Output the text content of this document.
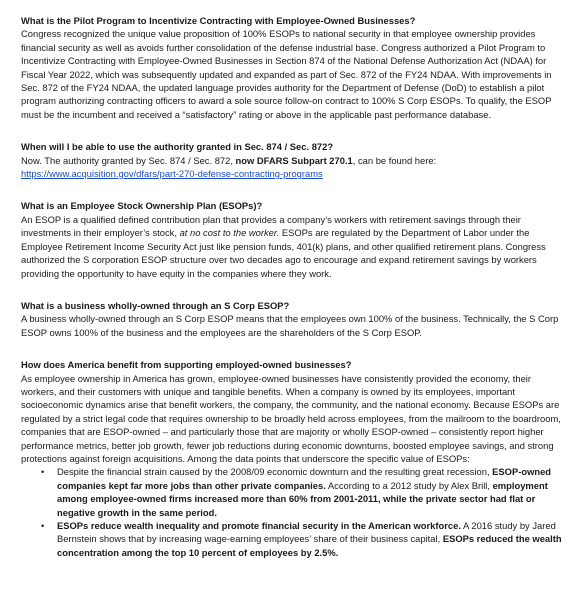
What is the Pilot Program to Incentivize Contracting with Employee-Owned Businesses?

Congress recognized the unique value proposition of 100% ESOPs to national security in that employee ownership provides financial security as well as avoids further consolidation of the defense industrial base. Congress authorized a Pilot Program to Incentivize Contracting with Employee-Owned Businesses in Section 874 of the National Defense Authorization Act (NDAA) for Fiscal Year 2022, which was subsequently updated and expanded as part of Sec. 872 of the FY24 NDAA. With improvements in Sec. 872 of the FY24 NDAA, the updated language provides authority for the Department of Defense (DoD) to establish a pilot program authorizing contracting officers to award a sole source follow-on contract to 100% S Corp ESOPs. To qualify, the ESOP must be the incumbent and received a “satisfactory” rating or above in the applicable past performance database.

When will I be able to use the authority granted in Sec. 874 / Sec. 872?

Now. The authority granted by Sec. 874 / Sec. 872, now DFARS Subpart 270.1, can be found here:
https://www.acquisition.gov/dfars/part-270-defense-contracting-programs

What is an Employee Stock Ownership Plan (ESOPs)?

An ESOP is a qualified defined contribution plan that provides a company’s workers with retirement savings through their investments in their employer’s stock, at no cost to the worker. ESOPs are regulated by the Department of Labor under the Employee Retirement Income Security Act just like pension funds, 401(k) plans, and other qualified retirement plans. Congress authorized the S corporation ESOP structure over two decades ago to encourage and expand retirement savings by workers providing the opportunity to have equity in the companies where they work.

What is a business wholly-owned through an S Corp ESOP?

A business wholly-owned through an S Corp ESOP means that the employees own 100% of the business. Technically, the S Corp ESOP owns 100% of the business and the employees are the shareholders of the S Corp ESOP.

How does America benefit from supporting employed-owned businesses?

As employee ownership in America has grown, employee-owned businesses have consistently provided the economy, their workers, and their customers with unique and tangible benefits. When a company is owned by its employees, important socioeconomic dynamics arise that benefit workers, the company, the community, and the national economy. Because ESOPs are regulated by a strict legal code that requires ownership to be broadly held across employees, from the mailroom to the boardroom, companies that are ESOP-owned – and particularly those that are majority or wholly ESOP-owned – consistently report higher performance metrics, better job growth, fewer job reductions during economic downturns, boosted employee savings, and strong protections against foreign acquisitions. Among the data points that underscore the specific value of ESOPs:

• Despite the financial strain caused by the 2008/09 economic downturn and the resulting great recession, ESOP-owned companies kept far more jobs than other private companies. According to a 2012 study by Alex Brill, employment among employee-owned firms increased more than 60% from 2001-2011, while the private sector had flat or negative growth in the same period.
• ESOPs reduce wealth inequality and promote financial security in the American workforce. A 2016 study by Jared Bernstein shows that by increasing wage-earning employees’ share of their business capital, ESOPs reduced the wealth concentration among the top 10 percent of employees by 2.5%.
